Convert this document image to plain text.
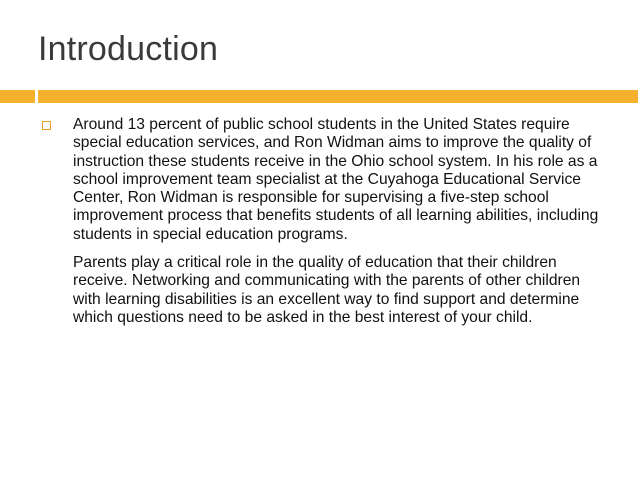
Introduction

Around 13 percent of public school students in the United States require special education services, and Ron Widman aims to improve the quality of instruction these students receive in the Ohio school system. In his role as a school improvement team specialist at the Cuyahoga Educational Service Center, Ron Widman is responsible for supervising a five-step school improvement process that benefits students of all learning abilities, including students in special education programs.

Parents play a critical role in the quality of education that their children receive. Networking and communicating with the parents of other children with learning disabilities is an excellent way to find support and determine which questions need to be asked in the best interest of your child.
